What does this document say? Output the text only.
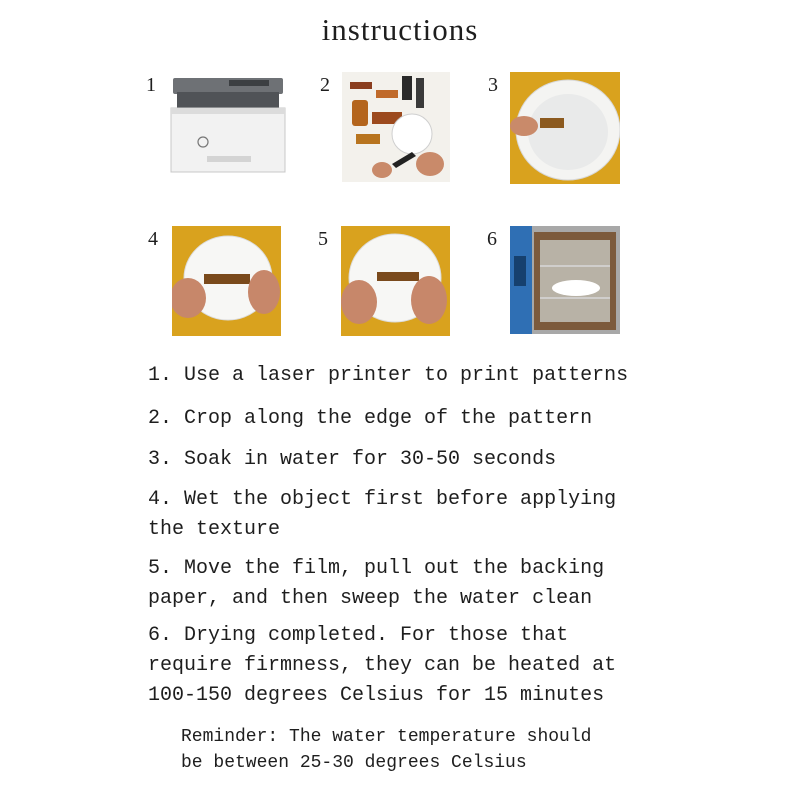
instructions
1	2	3
4	5	6
1. Use a laser printer to print patterns
2. Crop along the edge of the pattern
3. Soak in water for 30-50 seconds
4. Wet the object first before applying
the texture
5. Move the film, pull out the backing
paper, and then sweep the water clean
6. Drying completed. For those that
require firmness, they can be heated at
100-150 degrees Celsius for 15 minutes
Reminder: The water temperature should
be between 25-30 degrees Celsius
